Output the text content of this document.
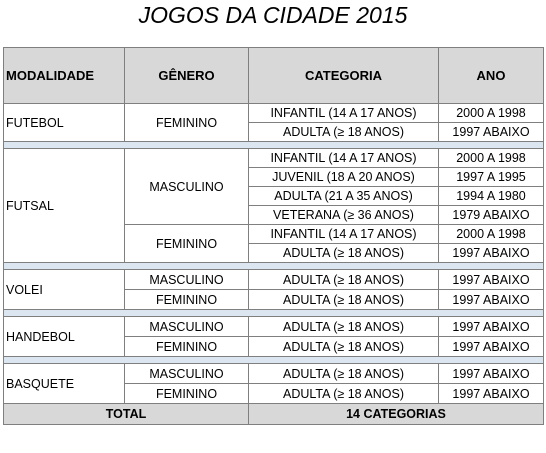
JOGOS DA CIDADE 2015
MODALIDADE	GÊNERO	CATEGORIA	ANO
FUTEBOL	FEMININO	INFANTIL (14 A 17 ANOS)	2000 A 1998
		ADULTA (≥ 18 ANOS)	1997 ABAIXO

FUTSAL	MASCULINO	INFANTIL (14 A 17 ANOS)	2000 A 1998
		JUVENIL (18 A 20 ANOS)	1997 A 1995
		ADULTA (21 A 35 ANOS)	1994 A 1980
		VETERANA (≥ 36 ANOS)	1979 ABAIXO
	FEMININO	INFANTIL (14 A 17 ANOS)	2000 A 1998
		ADULTA (≥ 18 ANOS)	1997 ABAIXO

VOLEI	MASCULINO	ADULTA (≥ 18 ANOS)	1997 ABAIXO
	FEMININO	ADULTA (≥ 18 ANOS)	1997 ABAIXO

HANDEBOL	MASCULINO	ADULTA (≥ 18 ANOS)	1997 ABAIXO
	FEMININO	ADULTA (≥ 18 ANOS)	1997 ABAIXO

BASQUETE	MASCULINO	ADULTA (≥ 18 ANOS)	1997 ABAIXO
	FEMININO	ADULTA (≥ 18 ANOS)	1997 ABAIXO
TOTAL		14 CATEGORIAS	
